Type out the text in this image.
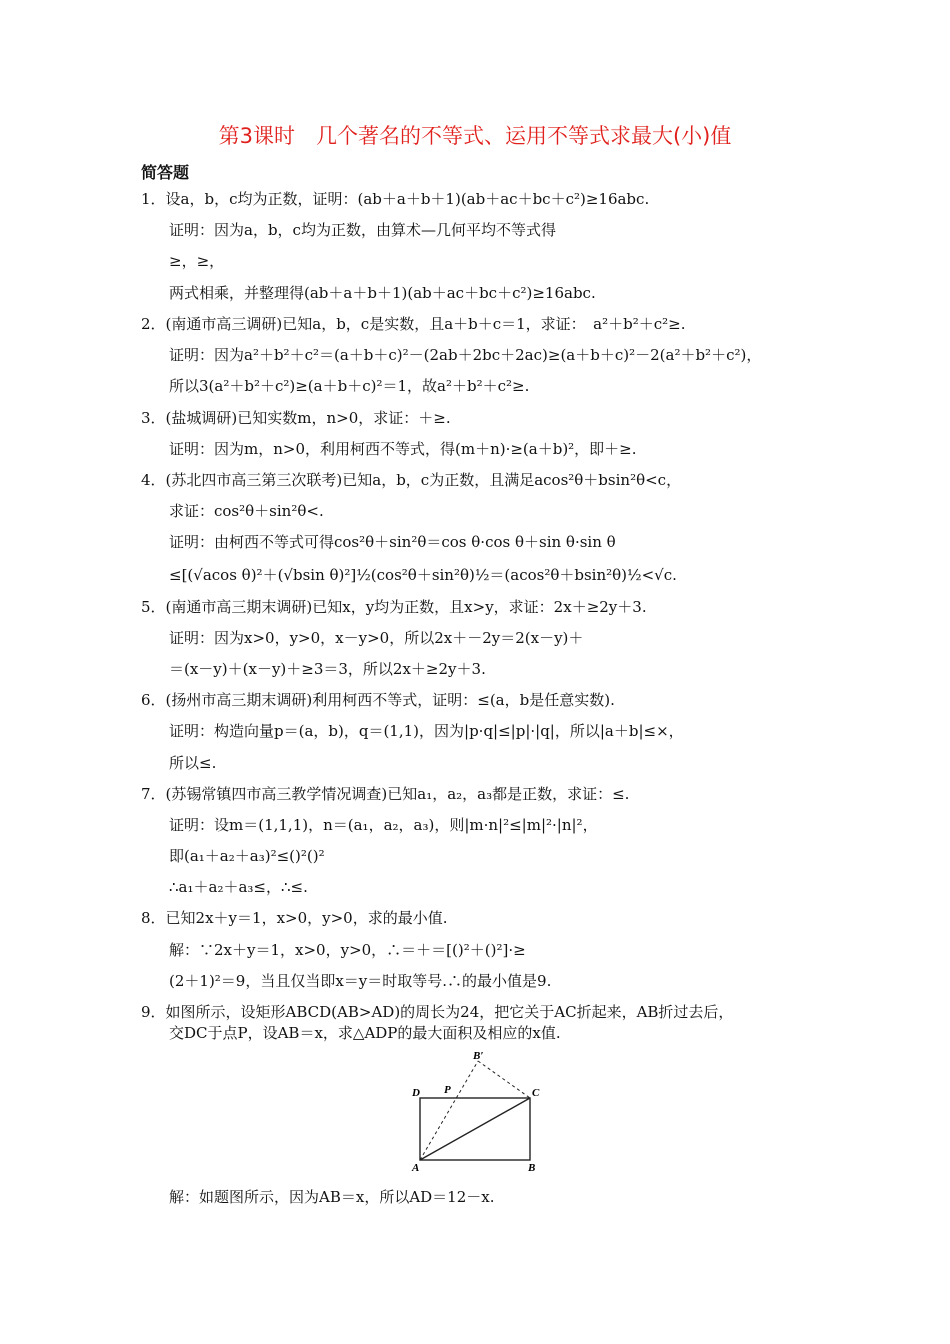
第3课时　几个著名的不等式、运用不等式求最大(小)值
简答题
1．设a，b，c均为正数，证明：(ab＋a＋b＋1)(ab＋ac＋bc＋c²)≥16abc.
证明：因为a，b，c均为正数，由算术—几何平均不等式得
≥，≥，
两式相乘，并整理得(ab＋a＋b＋1)(ab＋ac＋bc＋c²)≥16abc.
2．(南通市高三调研)已知a，b，c是实数，且a＋b＋c＝1，求证：　a²＋b²＋c²≥.
证明：因为a²＋b²＋c²＝(a＋b＋c)²－(2ab＋2bc＋2ac)≥(a＋b＋c)²－2(a²＋b²＋c²)，
所以3(a²＋b²＋c²)≥(a＋b＋c)²＝1，故a²＋b²＋c²≥.
3．(盐城调研)已知实数m，n>0，求证：＋≥.
证明：因为m，n>0，利用柯西不等式，得(m＋n)·≥(a＋b)²，即＋≥.
4．(苏北四市高三第三次联考)已知a，b，c为正数，且满足acos²θ＋bsin²θ<c，
求证：cos²θ＋sin²θ<.
证明：由柯西不等式可得cos²θ＋sin²θ＝cos θ·cos θ＋sin θ·sin θ
≤[(√acos θ)²＋(√bsin θ)²]½(cos²θ＋sin²θ)½＝(acos²θ＋bsin²θ)½<√c.
5．(南通市高三期末调研)已知x，y均为正数，且x>y，求证：2x＋≥2y＋3.
证明：因为x>0，y>0，x－y>0，所以2x＋－2y＝2(x－y)＋
＝(x－y)＋(x－y)＋≥3＝3，所以2x＋≥2y＋3.
6．(扬州市高三期末调研)利用柯西不等式，证明：≤(a，b是任意实数).
证明：构造向量p＝(a，b)，q＝(1,1)，因为|p·q|≤|p|·|q|，所以|a＋b|≤×，
所以≤.
7．(苏锡常镇四市高三教学情况调查)已知a₁，a₂，a₃都是正数，求证：≤.
证明：设m＝(1,1,1)，n＝(a₁，a₂，a₃)，则|m·n|²≤|m|²·|n|²，
即(a₁＋a₂＋a₃)²≤()²()²
∴a₁＋a₂＋a₃≤，∴≤.
8．已知2x＋y＝1，x>0，y>0，求的最小值.
解：∵2x＋y＝1，x>0，y>0，∴＝＋＝[()²＋()²]·≥
(2＋1)²＝9，当且仅当即x＝y＝时取等号.∴的最小值是9.
9．如图所示，设矩形ABCD(AB>AD)的周长为24，把它关于AC折起来，AB折过去后，
交DC于点P，设AB＝x，求△ADP的最大面积及相应的x值.
B′
D P	C
A	B
解：如题图所示，因为AB＝x，所以AD＝12－x.
